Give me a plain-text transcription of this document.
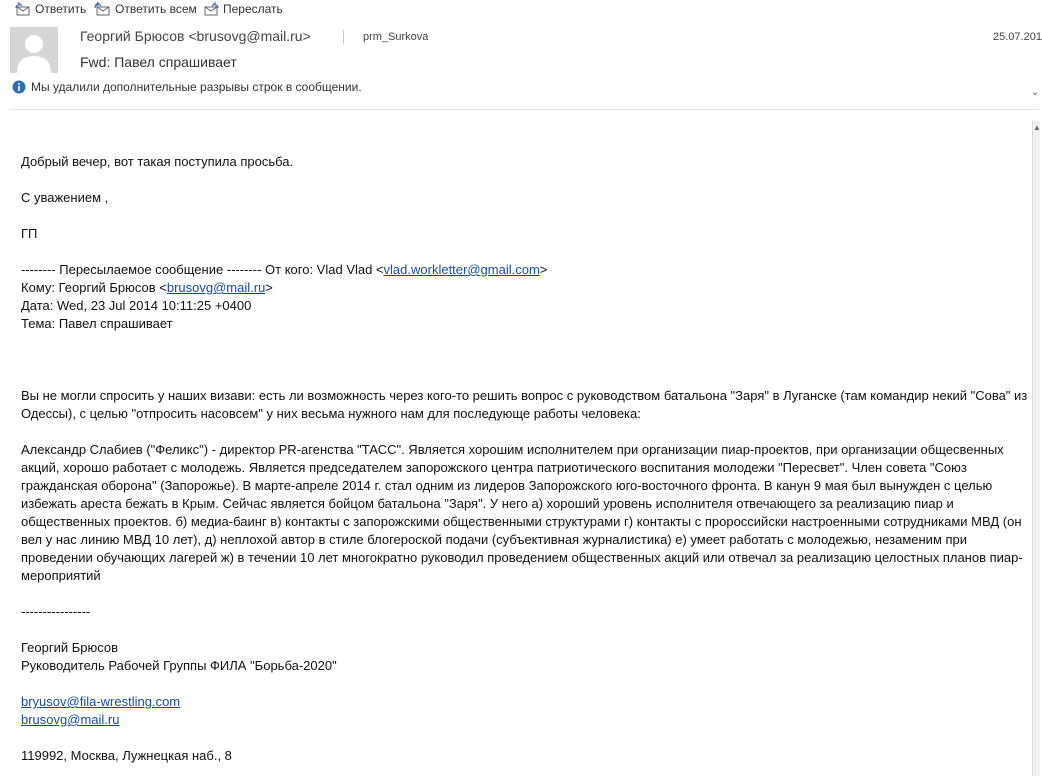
Ответить Ответить всем Переслать
Георгий Брюсов <brusovg@mail.ru>	prm_Surkova	25.07.201
Fwd: Павел спрашивает
Мы удалили дополнительные разрывы строк в сообщении.	⌄
▲

Добрый вечер, вот такая поступила просьба.

С уважением ,

ГП

-------- Пересылаемое сообщение -------- От кого: Vlad Vlad <vlad.workletter@gmail.com>

Кому: Георгий Брюсов <brusovg@mail.ru>

Дата: Wed, 23 Jul 2014 10:11:25 +0400

Тема: Павел спрашивает

Вы не могли спросить у наших визави: есть ли возможность через кого-то решить вопрос с руководством батальона "Заря" в Луганске (там командир некий "Сова" из Одессы), с целью "отпросить насовсем" у них весьма нужного нам для последующе работы человека:

Александр Слабиев ("Феликс") - директор PR-агенства "ТАСС". Является хорошим исполнителем при организации пиар-проектов, при организации общесвенных акций, хорошо работает с молодежь. Является председателем запорожского центра патриотического воспитания молодежи "Пересвет". Член совета "Союз гражданская оборона" (Запорожье). В марте-апреле 2014 г. стал одним из лидеров Запорожского юго-восточного фронта. В канун 9 мая был вынужден с целью избежать ареста бежать в Крым. Сейчас является бойцом батальона "Заря". У него а) хороший уровень исполнителя отвечающего за реализацию пиар и общественных проектов. б) медиа-баинг в) контакты с запорожскими общественными структурами г) контакты с пророссийски настроенными сотрудниками МВД (он вел у нас линию МВД 10 лет), д) неплохой автор в стиле блогероской подачи (субъективная журналистика) е) умеет работать с молодежью, незаменим при проведении обучающих лагерей ж) в течении 10 лет многократно руководил проведением общественных акций или отвечал за реализацию целостных планов пиар-мероприятий

----------------

Георгий Брюсов

Руководитель Рабочей Группы ФИЛА "Борьба-2020"

bryusov@fila-wrestling.com

brusovg@mail.ru

119992, Москва, Лужнецкая наб., 8
